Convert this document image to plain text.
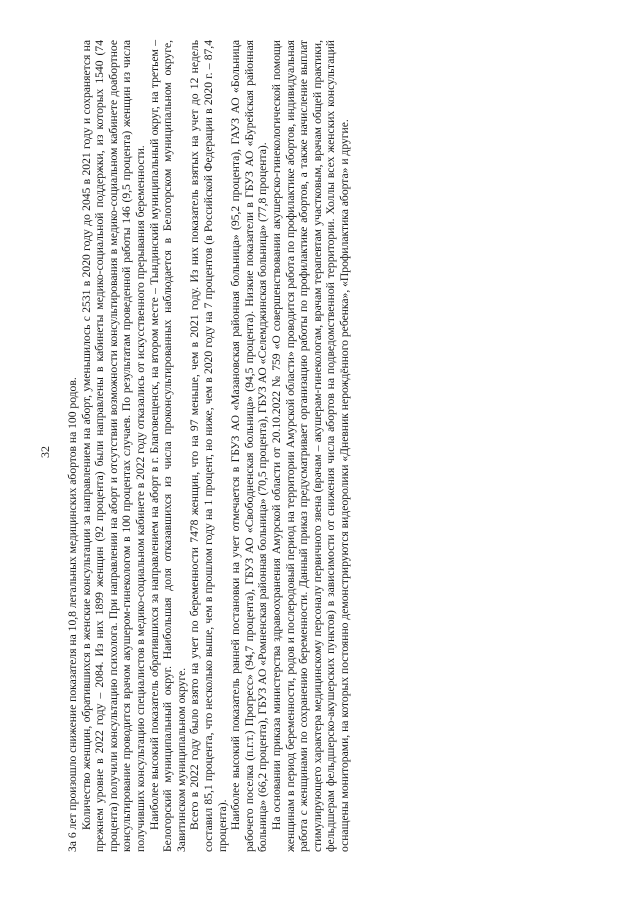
32 За 6 лет произошло снижение показателя на 10,8 легальных медицинских абортов на 100 родов. Количество женщин, обратившихся в женские консультации за направлением на аборт, уменьшилось с 2531 в 2020 году до 2045 в 2021 году и сохраняется на прежнем уровне в 2022 году – 2084. Из них 1899 женщин (92 процента) были направлены в кабинеты медико-социальной поддержки, из которых 1540 (74 процента) получили консультацию психолога. При направлении на аборт и отсутствии возможности консультирования в медико-социальном кабинете доабортное консультирование проводится врачом акушером-гинекологом в 100 процентах случаев. По результатам проведенной работы 146 (9,5 процента) женщин из числа получивших консультацию специалистов в медико-социальном кабинете в 2022 году отказались от искусственного прерывания беременности. Наиболее высокий показатель обратившихся за направлением на аборт в г. Благовещенск, на втором месте – Тындинский муниципальный округ, на третьем – Белогорский муниципальный округ. Наибольшая доля отказавшихся из числа проконсультированных наблюдается в Белогорском муниципальном округе, Завитинском муниципальном округе. Всего в 2022 году было взято на учет по беременности 7478 женщин, что на 97 меньше, чем в 2021 году. Из них показатель взятых на учет до 12 недель составил 85,1 процента, что несколько выше, чем в прошлом году на 1 процент, но ниже, чем в 2020 году на 7 процентов (в Российской Федерации в 2020 г. – 87,4 процента). Наиболее высокий показатель ранней постановки на учет отмечается в ГБУЗ АО «Мазановская районная больница» (95,2 процента), ГАУЗ АО «Больница рабочего поселка (п.г.т.) Прогресс» (94,7 процента), ГБУЗ АО «Свободненская больница» (94,5 процента). Низкие показатели в ГБУЗ АО «Бурейская районная больница» (66,2 процента), ГБУЗ АО «Ромненская районная больница» (70,5 процента), ГБУЗ АО «Селемджинская больница» (77,8 процента). На основании приказа министерства здравоохранения Амурской области от 20.10.2022 № 759 «О совершенствовании акушерско-гинекологической помощи женщинам в период беременности, родов и послеродовый период на территории Амурской области» проводится работа по профилактике абортов, индивидуальная работа с женщинами по сохранению беременности. Данный приказ предусматривает организацию работы по профилактике абортов, а также начисление выплат стимулирующего характера медицинскому персоналу первичного звена (врачам – акушерам-гинекологам, врачам терапевтам участковым, врачам общей практики, фельдшерам фельдшерско-акушерских пунктов) в зависимости от снижения числа абортов на подведомственной территории. Холлы всех женских консультаций оснащены мониторами, на которых постоянно демонстрируются видеоролики «Дневник нерождённого ребенка», «Профилактика аборта» и другие.
